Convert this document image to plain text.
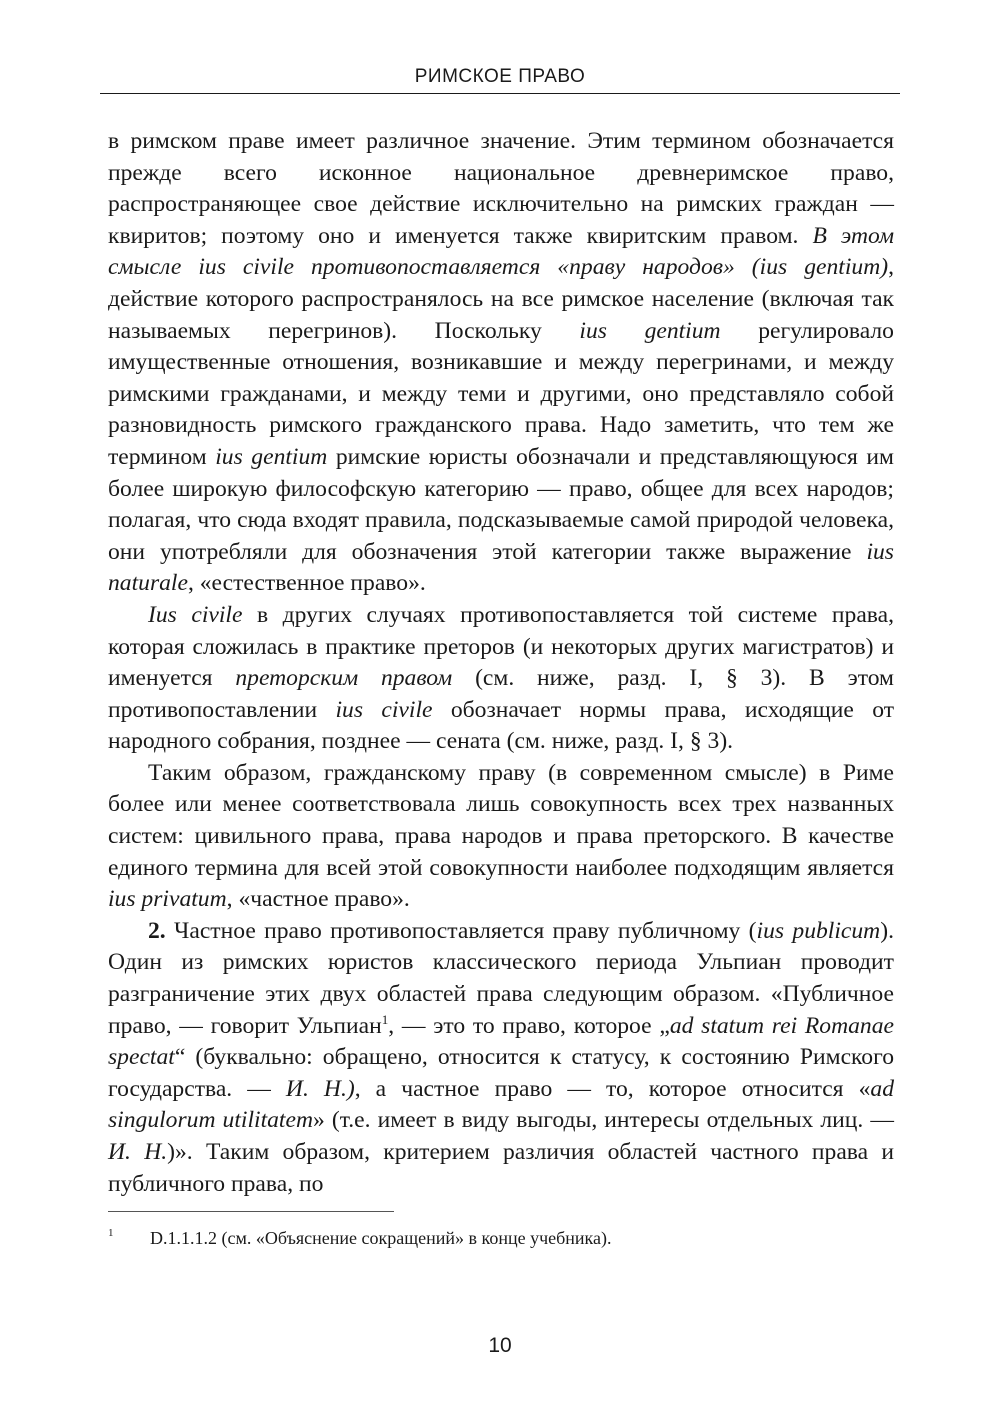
РИМСКОЕ ПРАВО

в римском праве имеет различное значение. Этим термином обозначается прежде всего исконное национальное древнеримское право, распространяющее свое действие исключительно на римских граждан — квиритов; поэтому оно и именуется также квиритским правом. В этом смысле ius civile противопоставляется «праву народов» (ius gentium), действие которого распространялось на все римское население (включая так называемых перегринов). Поскольку ius gentium регулировало имущественные отношения, возникавшие и между перегринами, и между римскими гражданами, и между теми и другими, оно представляло собой разновидность римского гражданского права. Надо заметить, что тем же термином ius gentium римские юристы обозначали и представляющуюся им более широкую философскую категорию — право, общее для всех народов; полагая, что сюда входят правила, подсказываемые самой природой человека, они употребляли для обозначения этой категории также выражение ius naturale, «естественное право».

Ius civile в других случаях противопоставляется той системе права, которая сложилась в практике преторов (и некоторых других магистратов) и именуется преторским правом (см. ниже, разд. I, § 3). В этом противопоставлении ius civile обозначает нормы права, исходящие от народного собрания, позднее — сената (см. ниже, разд. I, § 3).

Таким образом, гражданскому праву (в современном смысле) в Риме более или менее соответствовала лишь совокупность всех трех названных систем: цивильного права, права народов и права преторского. В качестве единого термина для всей этой совокупности наиболее подходящим является ius privatum, «частное право».

2. Частное право противопоставляется праву публичному (ius publicum). Один из римских юристов классического периода Ульпиан проводит разграничение этих двух областей права следующим образом. «Публичное право, — говорит Ульпиан$^1$, — это то право, которое „ad statum rei Romanae spectat“ (буквально: обращено, относится к статусу, к состоянию Римского государства. — И. Н.), а частное право — то, которое относится «ad singulorum utilitatem» (т.е. имеет в виду выгоды, интересы отдельных лиц. — И. Н.)». Таким образом, критерием различия областей частного права и публичного права, по

1 D.1.1.1.2 (см. «Объяснение сокращений» в конце учебника).
10
